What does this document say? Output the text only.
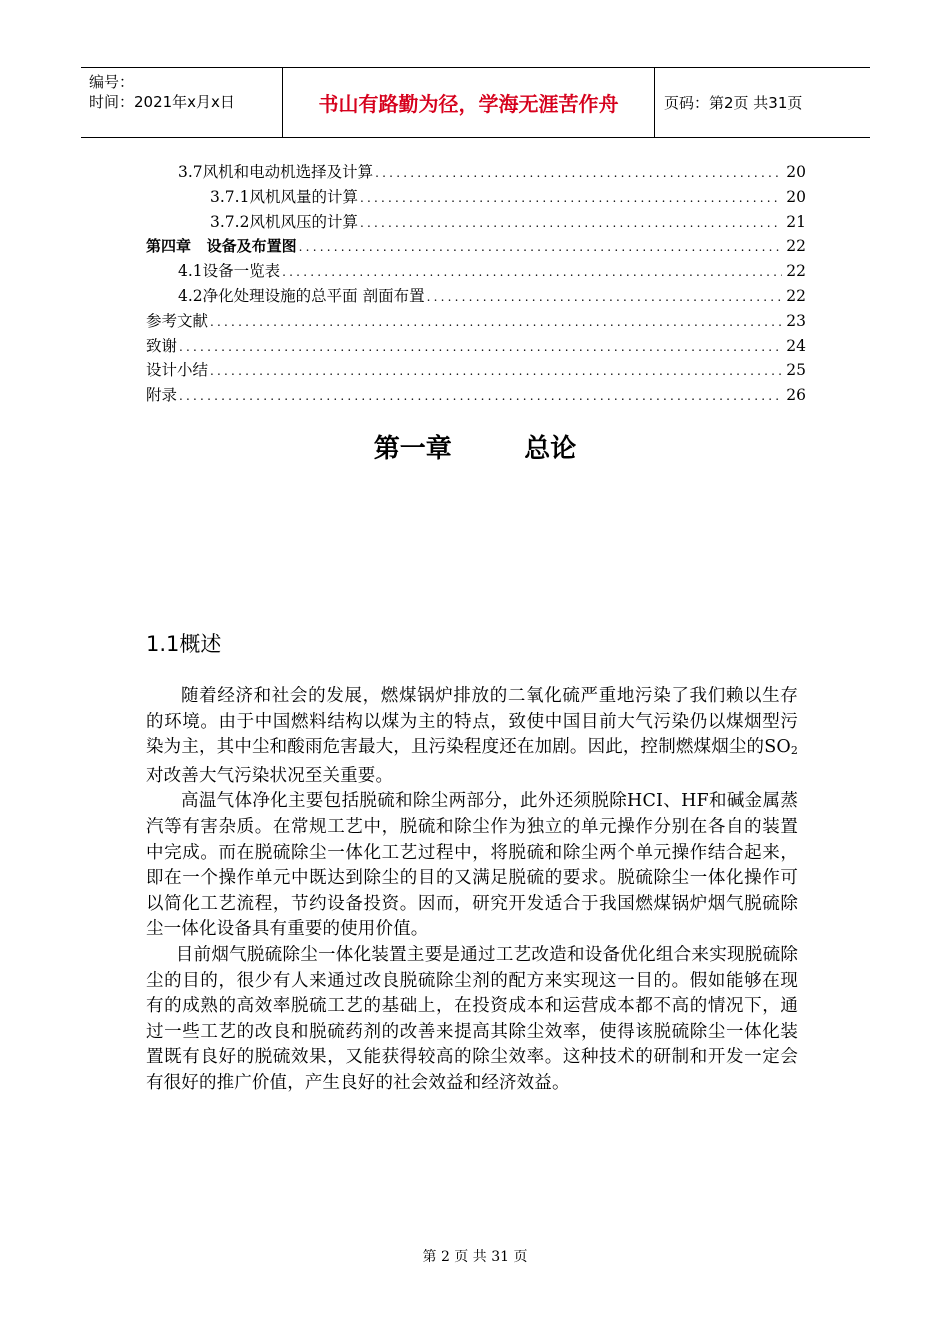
编号：
时间：2021年x月x日	书山有路勤为径，学海无涯苦作舟	页码：第2页 共31页
3.7风机和电动机选择及计算 .....	20
3.7.1风机风量的计算 .....	20
3.7.2风机风压的计算 .....	21
第四章   设备及布置图 .....	22
4.1设备一览表 .....	22
4.2净化处理设施的总平面 剖面布置 .....	22
参考文献 .....	23
致谢 .....	24
设计小结 .....	25
附录 .....	26
第一章        总论
1.1概述

随着经济和社会的发展，燃煤锅炉排放的二氧化硫严重地污染了我们赖以生存的环境。由于中国燃料结构以煤为主的特点，致使中国目前大气污染仍以煤烟型污染为主，其中尘和酸雨危害最大，且污染程度还在加剧。因此，控制燃煤烟尘的SO2对改善大气污染状况至关重要。

高温气体净化主要包括脱硫和除尘两部分，此外还须脱除HCI、HF和碱金属蒸汽等有害杂质。在常规工艺中，脱硫和除尘作为独立的单元操作分别在各自的装置中完成。而在脱硫除尘一体化工艺过程中，将脱硫和除尘两个单元操作结合起来，即在一个操作单元中既达到除尘的目的又满足脱硫的要求。脱硫除尘一体化操作可以简化工艺流程，节约设备投资。因而，研究开发适合于我国燃煤锅炉烟气脱硫除尘一体化设备具有重要的使用价值。

目前烟气脱硫除尘一体化装置主要是通过工艺改造和设备优化组合来实现脱硫除尘的目的，很少有人来通过改良脱硫除尘剂的配方来实现这一目的。假如能够在现有的成熟的高效率脱硫工艺的基础上，在投资成本和运营成本都不高的情况下，通过一些工艺的改良和脱硫药剂的改善来提高其除尘效率，使得该脱硫除尘一体化装置既有良好的脱硫效果，又能获得较高的除尘效率。这种技术的研制和开发一定会有很好的推广价值，产生良好的社会效益和经济效益。

第 2 页 共 31 页
